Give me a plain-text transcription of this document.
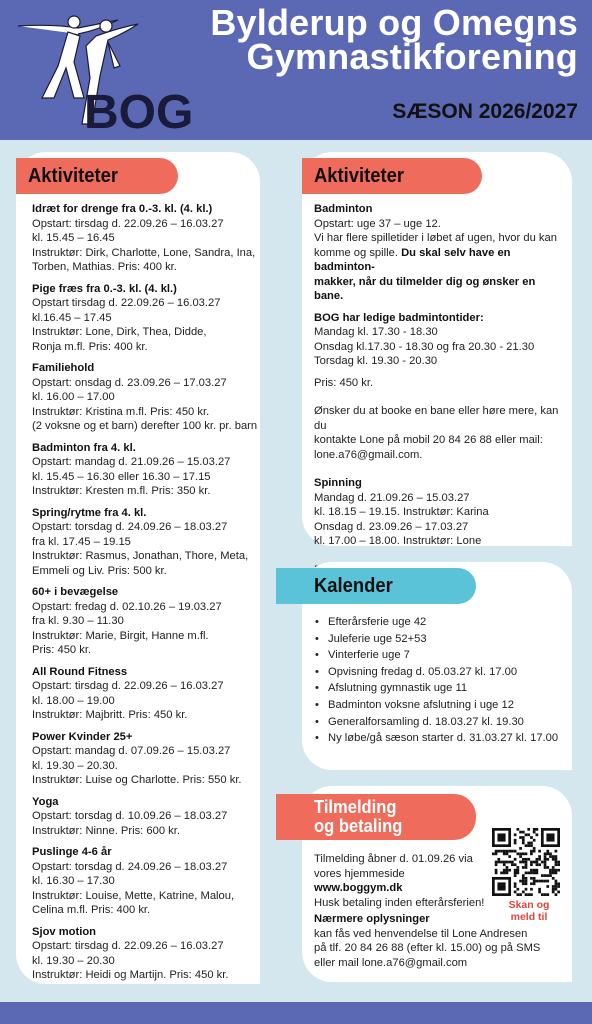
BOG
Bylderup og Omegns
Gymnastikforening
SÆSON 2026/2027
Aktiviteter

Idræt for drenge fra 0.-3. kl. (4. kl.)

Opstart: tirsdag d. 22.09.26 – 16.03.27

kl. 15.45 – 16.45

Instruktør: Dirk, Charlotte, Lone, Sandra, Ina,

Torben, Mathias. Pris: 400 kr.

Pige fræs fra 0.-3. kl. (4. kl.)

Opstart tirsdag d. 22.09.26 – 16.03.27

kl.16.45 – 17.45

Instruktør: Lone, Dirk, Thea, Didde,

Ronja m.fl. Pris: 400 kr.

Familiehold

Opstart: onsdag d. 23.09.26 – 17.03.27

kl. 16.00 – 17.00

Instruktør: Kristina m.fl. Pris: 450 kr.

(2 voksne og et barn) derefter 100 kr. pr. barn

Badminton fra 4. kl.

Opstart: mandag d. 21.09.26 – 15.03.27

kl. 15.45 – 16.30 eller 16.30 – 17.15

Instruktør: Kresten m.fl. Pris: 350 kr.

Spring/rytme fra 4. kl.

Opstart: torsdag d. 24.09.26 – 18.03.27

fra kl. 17.45 – 19.15

Instruktør: Rasmus, Jonathan, Thore, Meta,

Emmeli og Liv. Pris: 500 kr.

60+ i bevægelse

Opstart: fredag d. 02.10.26 – 19.03.27

fra kl. 9.30 – 11.30

Instruktør: Marie, Birgit, Hanne m.fl.

Pris: 450 kr.

All Round Fitness

Opstart: tirsdag d. 22.09.26 – 16.03.27

kl. 18.00 – 19.00

Instruktør: Majbritt. Pris: 450 kr.

Power Kvinder 25+

Opstart: mandag d. 07.09.26 – 15.03.27

kl. 19.30 – 20.30.

Instruktør: Luise og Charlotte. Pris: 550 kr.

Yoga

Opstart: torsdag d. 10.09.26 – 18.03.27

Instruktør: Ninne. Pris: 600 kr.

Puslinge 4-6 år

Opstart: torsdag d. 24.09.26 – 18.03.27

kl. 16.30 – 17.30

Instruktør: Louise, Mette, Katrine, Malou,

Celina m.fl. Pris: 400 kr.

Sjov motion

Opstart: tirsdag d. 22.09.26 – 16.03.27

kl. 19.30 – 20.30

Instruktør: Heidi og Martijn. Pris: 450 kr.

Aktiviteter

Badminton

Opstart: uge 37 – uge 12.

Vi har flere spilletider i løbet af ugen, hvor du kan

komme og spille. Du skal selv have en badminton-

makker, når du tilmelder dig og ønsker en bane.

BOG har ledige badmintontider:

Mandag kl. 17.30 - 18.30

Onsdag kl.17.30 - 18.30 og fra 20.30 - 21.30

Torsdag kl. 19.30 - 20.30

Pris: 450 kr.

Ønsker du at booke en bane eller høre mere, kan du

kontakte Lone på mobil 20 84 26 88 eller mail:

lone.a76@gmail.com.

Spinning

Mandag d. 21.09.26 – 15.03.27

kl. 18.15 – 19.15. Instruktør: Karina

Onsdag d. 23.09.26 – 17.03.27

kl. 17.00 – 18.00. Instruktør: Lone

Kalender
• Efterårsferie uge 42
• Juleferie uge 52+53
• Vinterferie uge 7
• Opvisning fredag d. 05.03.27 kl. 17.00
• Afslutning gymnastik uge 11
• Badminton voksne afslutning i uge 12
• Generalforsamling d. 18.03.27 kl. 19.30
• Ny løbe/gå sæson starter d. 31.03.27 kl. 17.00
Tilmelding
og betaling

Tilmelding åbner d. 01.09.26 via

vores hjemmeside www.boggym.dk

Husk betaling inden efterårsferien!	Skan og
meld til

Nærmere oplysninger

kan fås ved henvendelse til Lone Andresen

på tlf. 20 84 26 88 (efter kl. 15.00) og på SMS

eller mail lone.a76@gmail.com
